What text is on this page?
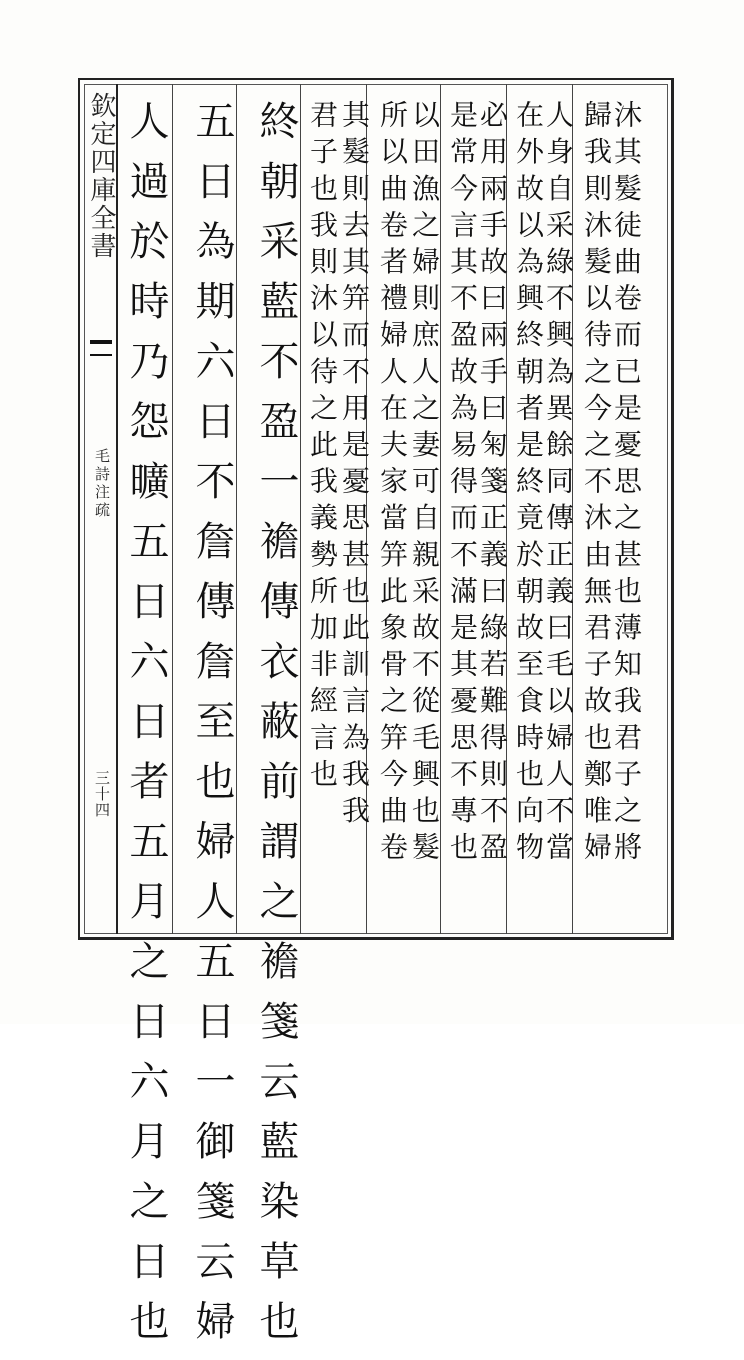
欽定四庫全書
毛詩注疏
三十四	沐其髮徒曲卷而已是憂思之甚也薄知我君子之將
歸我則沐髮以待之今之不沐由無君子故也鄭唯婦
人身自采綠不興為異餘同傳正義曰毛以婦人不當
在外故以為興終朝者是終竟於朝故至食時也向物
必用兩手故曰兩手曰匊箋正義曰綠若難得則不盈
是常今言其不盈故為易得而不滿是其憂思不專也
以田漁之婦則庶人之妻可自親采故不從毛興也髮
所以曲卷者禮婦人在夫家當笄此象骨之笄今曲卷
其髮則去其笄而不用是憂思甚也此訓言為我我
君子也我則沐以待之此我義勢所加非經言也
終朝采藍不盈一襜傳衣蔽前謂之襜箋云藍染草也
五日為期六日不詹傳詹至也婦人五日一御箋云婦
人過於時乃怨曠五日六日者五月之日六月之日也
